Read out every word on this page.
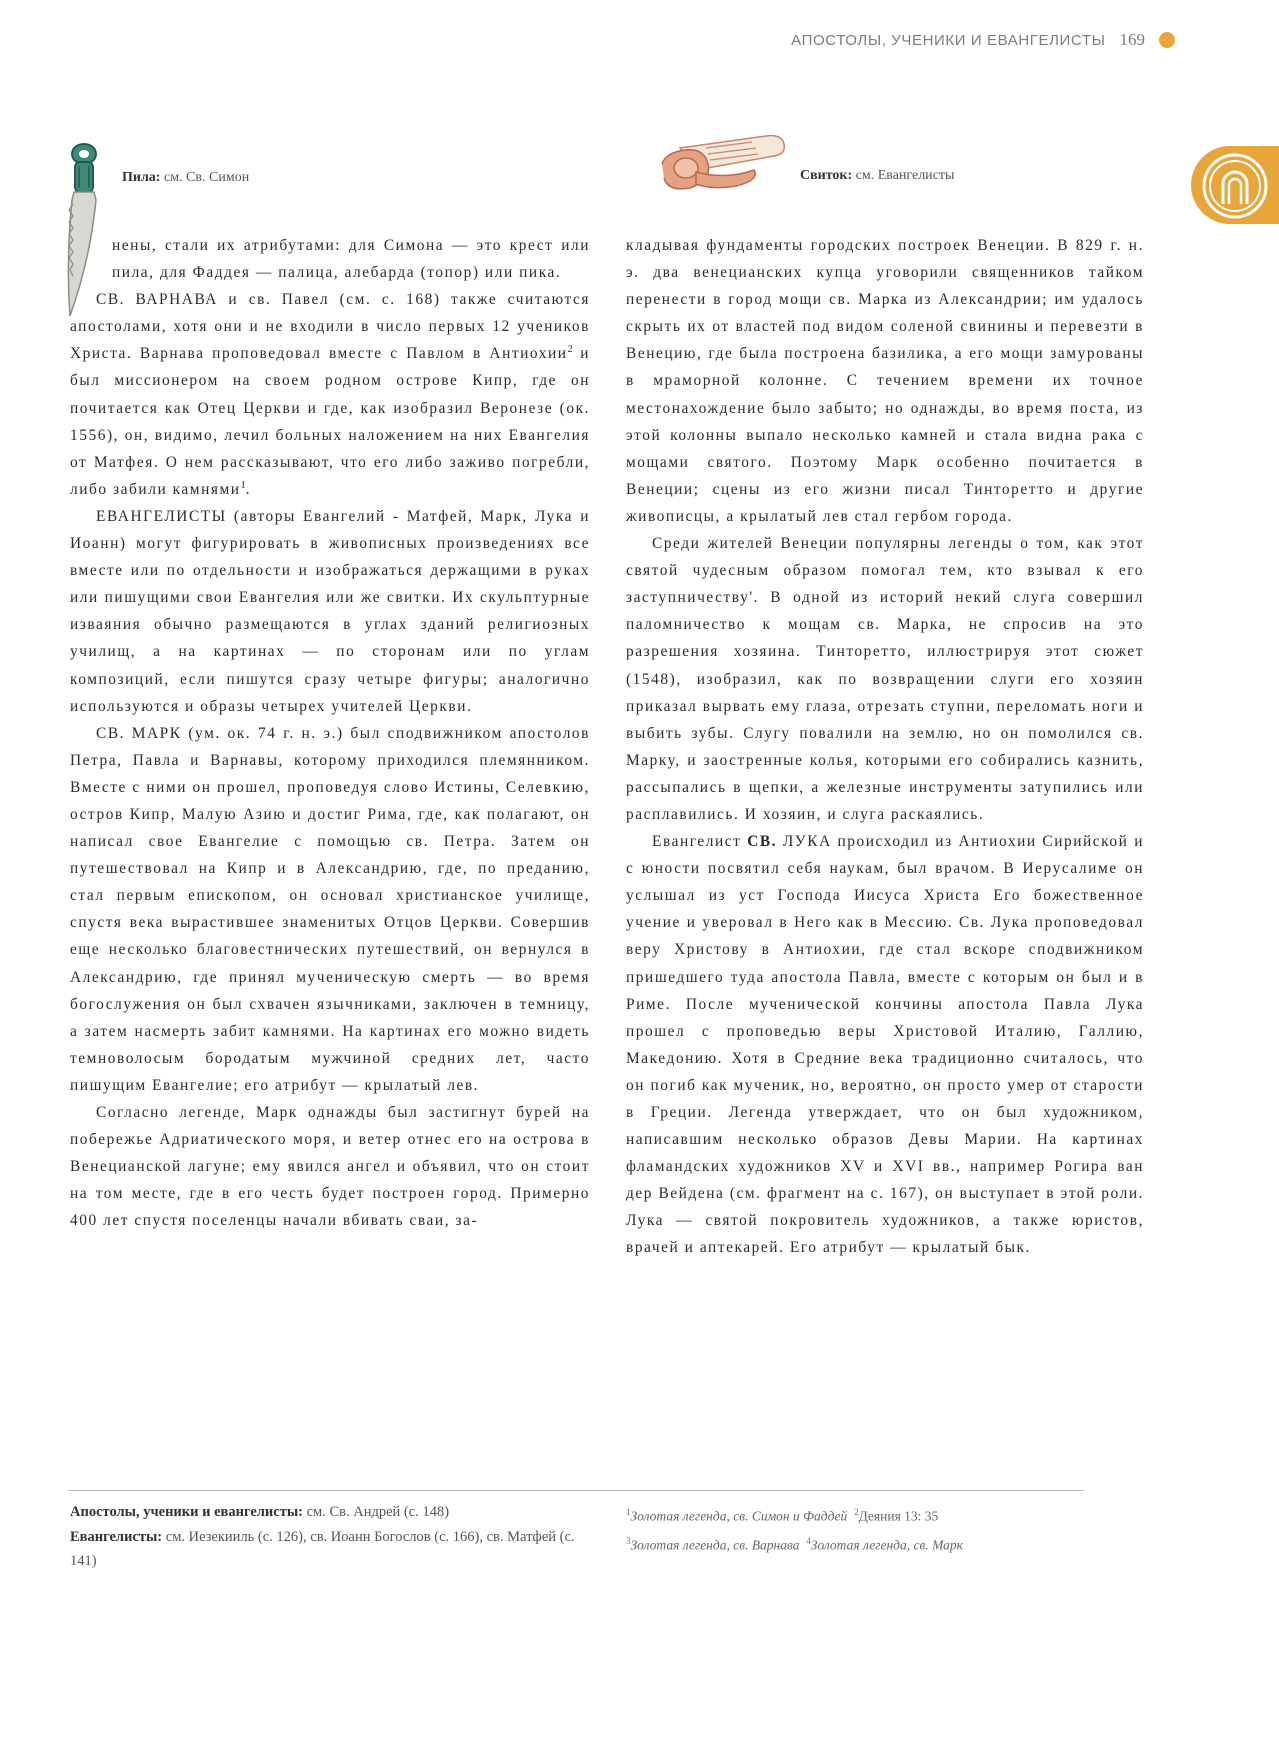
АПОСТОЛЫ, УЧЕНИКИ И ЕВАНГЕЛИСТЫ 169
Пила: см. Св. Симон	Свиток: см. Евангелисты

нены, стали их атрибутами: для Симона — это крест или пила, для Фаддея — палица, алебарда (топор) или пика.

СВ. ВАРНАВА и св. Павел (см. с. 168) также считаются апостолами, хотя они и не входили в число первых 12 учеников Христа. Варнава проповедовал вместе с Павлом в Антиохии$^2$ и был миссионером на своем родном острове Кипр, где он почитается как Отец Церкви и где, как изобразил Веронезе (ок. 1556), он, видимо, лечил больных наложением на них Евангелия от Матфея. О нем рассказывают, что его либо заживо погребли, либо забили камнями$^1$.

ЕВАНГЕЛИСТЫ (авторы Евангелий - Матфей, Марк, Лука и Иоанн) могут фигурировать в живописных произведениях все вместе или по отдельности и изображаться держащими в руках или пишущими свои Евангелия или же свитки. Их скульптурные изваяния обычно размещаются в углах зданий религиозных училищ, а на картинах — по сторонам или по углам композиций, если пишутся сразу четыре фигуры; аналогично используются и образы четырех учителей Церкви.

СВ. МАРК (ум. ок. 74 г. н. э.) был сподвижником апостолов Петра, Павла и Варнавы, которому приходился племянником. Вместе с ними он прошел, проповедуя слово Истины, Селевкию, остров Кипр, Малую Азию и достиг Рима, где, как полагают, он написал свое Евангелие с помощью св. Петра. Затем он путешествовал на Кипр и в Александрию, где, по преданию, стал первым епископом, он основал христианское училище, спустя века вырастившее знаменитых Отцов Церкви. Совершив еще несколько благовестнических путешествий, он вернулся в Александрию, где принял мученическую смерть — во время богослужения он был схвачен язычниками, заключен в темницу, а затем насмерть забит камнями. На картинах его можно видеть темноволосым бородатым мужчиной средних лет, часто пишущим Евангелие; его атрибут — крылатый лев.

Согласно легенде, Марк однажды был застигнут бурей на побережье Адриатического моря, и ветер отнес его на острова в Венецианской лагуне; ему явился ангел и объявил, что он стоит на том месте, где в его честь будет построен город. Примерно 400 лет спустя поселенцы начали вбивать сваи, за-

кладывая фундаменты городских построек Венеции. В 829 г. н. э. два венецианских купца уговорили священников тайком перенести в город мощи св. Марка из Александрии; им удалось скрыть их от властей под видом соленой свинины и перевезти в Венецию, где была построена базилика, а его мощи замурованы в мраморной колонне. С течением времени их точное местонахождение было забыто; но однажды, во время поста, из этой колонны выпало несколько камней и стала видна рака с мощами святого. Поэтому Марк особенно почитается в Венеции; сцены из его жизни писал Тинторетто и другие живописцы, а крылатый лев стал гербом города.

Среди жителей Венеции популярны легенды о том, как этот святой чудесным образом помогал тем, кто взывал к его заступничеству'. В одной из историй некий слуга совершил паломничество к мощам св. Марка, не спросив на это разрешения хозяина. Тинторетто, иллюстрируя этот сюжет (1548), изобразил, как по возвращении слуги его хозяин приказал вырвать ему глаза, отрезать ступни, переломать ноги и выбить зубы. Слугу повалили на землю, но он помолился св. Марку, и заостренные колья, которыми его собирались казнить, рассыпались в щепки, а железные инструменты затупились или расплавились. И хозяин, и слуга раскаялись.

Евангелист СВ. ЛУКА происходил из Антиохии Сирийской и с юности посвятил себя наукам, был врачом. В Иерусалиме он услышал из уст Господа Иисуса Христа Его божественное учение и уверовал в Него как в Мессию. Св. Лука проповедовал веру Христову в Антиохии, где стал вскоре сподвижником пришедшего туда апостола Павла, вместе с которым он был и в Риме. После мученической кончины апостола Павла Лука прошел с проповедью веры Христовой Италию, Галлию, Македонию. Хотя в Средние века традиционно считалось, что он погиб как мученик, но, вероятно, он просто умер от старости в Греции. Легенда утверждает, что он был художником, написавшим несколько образов Девы Марии. На картинах фламандских художников XV и XVI вв., например Рогира ван дер Вейдена (см. фрагмент на с. 167), он выступает в этой роли. Лука — святой покровитель художников, а также юристов, врачей и аптекарей. Его атрибут — крылатый бык.

Апостолы, ученики и евангелисты: см. Св. Андрей (с. 148)
Евангелисты: см. Иезекииль (с. 126), св. Иоанн Богослов (с. 166), св. Матфей (с. 141)
$^1$Золотая легенда, св. Симон и Фаддей $^2$Деяния 13: 35
$^3$Золотая легенда, св. Варнава $^4$Золотая легенда, св. Марк
